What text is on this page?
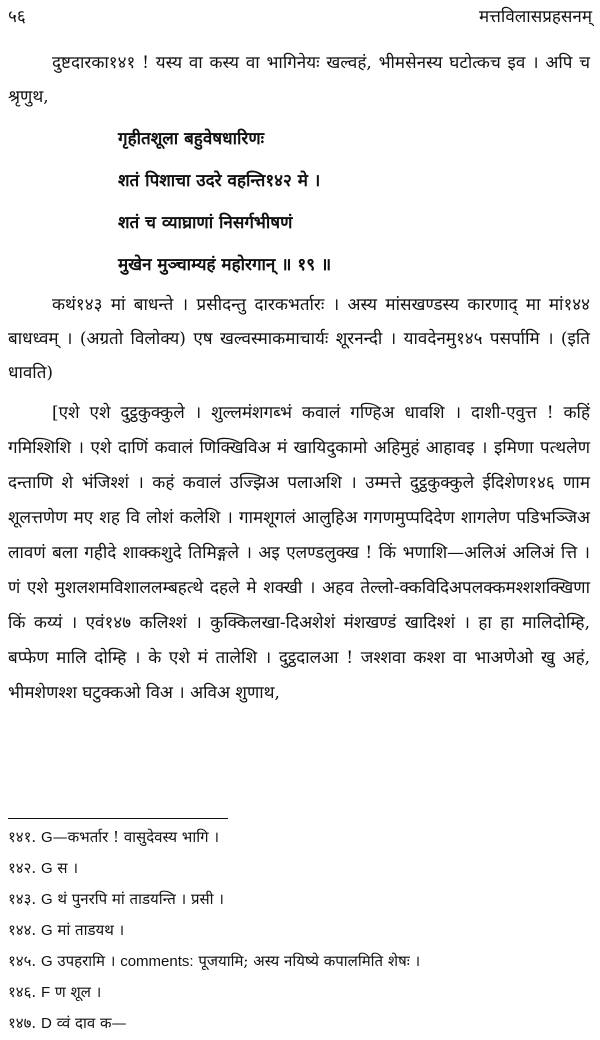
५६	मत्तविलासप्रहसनम्

दुष्टदारका१४१ ! यस्य वा कस्य वा भागिनेयः खल्वहं, भीमसेनस्य घटोत्कच इव । अपि च श्रृणुथ,

गृहीतशूला बहुवेषधारिणः
शतं पिशाचा उदरे वहन्ति१४२ मे ।
शतं च व्याघ्राणां निसर्गभीषणं
मुखेन मुञ्चाम्यहं महोरगान् ॥ १९ ॥

कथं१४३ मां बाधन्ते । प्रसीदन्तु दारकभर्तारः । अस्य मांसखण्डस्य कारणाद् मा मां१४४ बाधध्वम् । (अग्रतो विलोक्य) एष खल्वस्माकमाचार्यः शूरनन्दी । यावदेनमु१४५ पसर्पामि । (इति धावति)

[एशे एशे दुट्ठकुक्कुले । शुल्लमंशगब्भं कवालं गण्हिअ धावशि । दाशी-एवुत्त ! कहिं गमिश्शिशि । एशे दाणिं कवालं णिक्खिविअ मं खायिदुकामो अहिमुहं आहावइ । इमिणा पत्थलेण दन्ताणि शे भंजिश्शं । कहं कवालं उज्झिअ पलाअशि । उम्मत्ते दुट्ठकुक्कुले ईदिशेण१४६ णाम शूलत्तणेण मए शह वि लोशं कलेशि । गामशूगलं आलुहिअ गगणमुप्पदिदेण शागलेण पडिभञ्जिअ लावणं बला गहीदे शाक्कशुदे तिमिङ्गले । अइ एलण्डलुक्ख ! किं भणाशि—अलिअं अलिअं त्ति । णं एशे मुशलशमविशाललम्बहत्थे दहले मे शक्खी । अहव तेल्लो-क्कविदिअपलक्कमश्शशक्खिणा किं कय्यं । एवं१४७ कलिश्शं । कुक्किलखा-दिअशेशं मंशखण्डं खादिश्शं । हा हा मालिदोम्हि, बप्फेण मालि दोम्हि । के एशे मं तालेशि । दुट्ठदालआ ! जश्शवा कश्श वा भाअणेओ खु अहं, भीमशेणश्श घटुक्कओ विअ । अविअ शुणाथ,

१४१. G—कभर्तार ! वासुदेवस्य भागि ।
१४२. G स ।
१४३. G थं पुनरपि मां ताडयन्ति । प्रसी ।
१४४. G मां ताडयथ ।
१४५. G उपहरामि । comments: पूजयामि; अस्य नयिष्ये कपालमिति शेषः ।
१४६. F ण शूल ।
१४७. D व्वं दाव क—
